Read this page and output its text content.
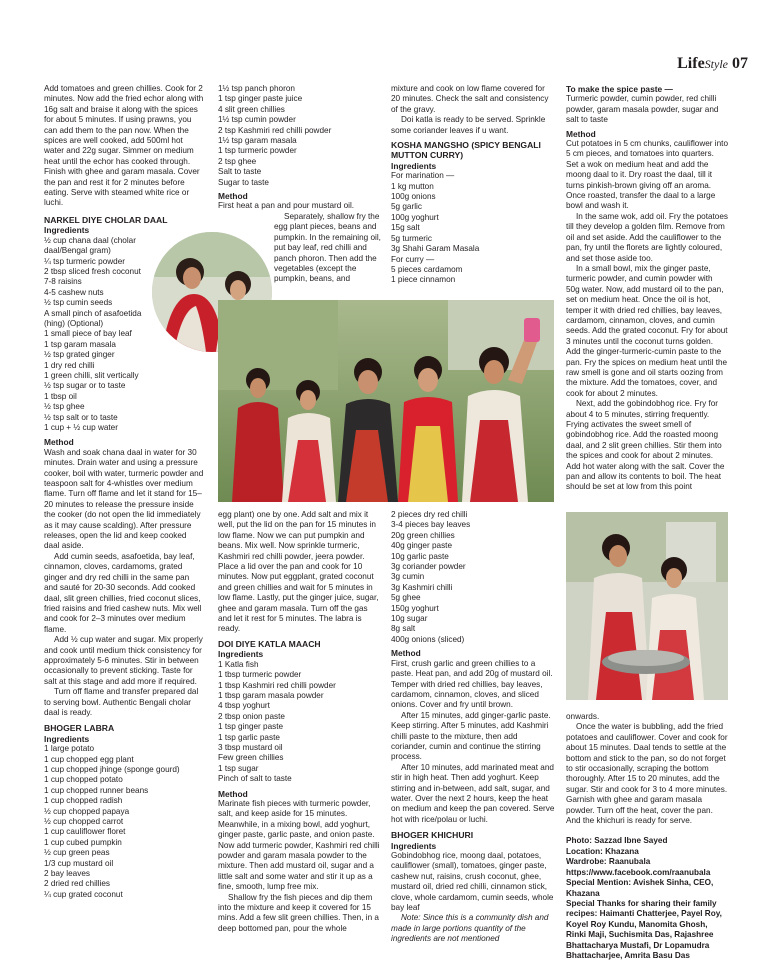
LifeStyle 07

Add tomatoes and green chillies. Cook for 2 minutes. Now add the fried echor along with 16g salt and braise it along with the spices for about 5 minutes. If using prawns, you can add them to the pan now. When the spices are well cooked, add 500ml hot water and 22g sugar. Simmer on medium heat until the echor has cooked through. Finish with ghee and garam masala. Cover the pan and rest it for 2 minutes before eating. Serve with steamed white rice or luchi.

NARKEL DIYE CHOLAR DAAL

Ingredients

½ cup chana daal (cholar daal/Bengal gram)

¼ tsp turmeric powder

2 tbsp sliced fresh coconut

7-8 raisins

4-5 cashew nuts

½ tsp cumin seeds

A small pinch of asafoetida (hing) (Optional)

1 small piece of bay leaf

1 tsp garam masala

½ tsp grated ginger

1 dry red chilli

1 green chilli, slit vertically

½ tsp sugar or to taste

1 tbsp oil

½ tsp ghee

½ tsp salt or to taste

1 cup + ½ cup water

Method

Wash and soak chana daal in water for 30 minutes. Drain water and using a pressure cooker, boil with water, turmeric powder and teaspoon salt for 4-whistles over medium flame. Turn off flame and let it stand for 15–20 minutes to release the pressure inside the cooker (do not open the lid immediately as it may cause scalding). After pressure releases, open the lid and keep cooked daal aside.

Add cumin seeds, asafoetida, bay leaf, cinnamon, cloves, cardamoms, grated ginger and dry red chilli in the same pan and sauté for 20-30 seconds. Add cooked daal, slit green chillies, fried coconut slices, fried raisins and fried cashew nuts. Mix well and cook for 2–3 minutes over medium flame.

Add ½ cup water and sugar. Mix properly and cook until medium thick consistency for approximately 5-6 minutes. Stir in between occasionally to prevent sticking. Taste for salt at this stage and add more if required.

Turn off flame and transfer prepared dal to serving bowl. Authentic Bengali cholar daal is ready.

BHOGER LABRA

Ingredients

1 large potato

1 cup chopped egg plant

1 cup chopped jhinge (sponge gourd)

1 cup chopped potato

1 cup chopped runner beans

1 cup chopped radish

½ cup chopped papaya

½ cup chopped carrot

1 cup cauliflower floret

1 cup cubed pumpkin

½ cup green peas

1/3 cup mustard oil

2 bay leaves

2 dried red chillies

¼ cup grated coconut

1½ tsp panch phoron

1 tsp ginger paste juice

4 slit green chillies

1½ tsp cumin powder

2 tsp Kashmiri red chilli powder

1½ tsp garam masala

1 tsp turmeric powder

2 tsp ghee

Salt to taste

Sugar to taste

Method

First heat a pan and pour mustard oil.

Separately, shallow fry the egg plant pieces, beans and pumpkin. In the remaining oil, put bay leaf, red chilli and panch phoron. Then add the vegetables (except the pumpkin, beans, and

egg plant) one by one. Add salt and mix it well, put the lid on the pan for 15 minutes in low flame. Now we can put pumpkin and beans. Mix well. Now sprinkle turmeric, Kashmiri red chilli powder, jeera powder. Place a lid over the pan and cook for 10 minutes. Now put eggplant, grated coconut and green chillies and wait for 5 minutes in low flame. Lastly, put the ginger juice, sugar, ghee and garam masala. Turn off the gas and let it rest for 5 minutes. The labra is ready.

DOI DIYE KATLA MAACH

Ingredients

1 Katla fish

1 tbsp turmeric powder

1 tbsp Kashmiri red chilli powder

1 tbsp garam masala powder

4 tbsp yoghurt

2 tbsp onion paste

1 tsp ginger paste

1 tsp garlic paste

3 tbsp mustard oil

Few green chillies

1 tsp sugar

Pinch of salt to taste

Method

Marinate fish pieces with turmeric powder, salt, and keep aside for 15 minutes. Meanwhile, in a mixing bowl, add yoghurt, ginger paste, garlic paste, and onion paste. Now add turmeric powder, Kashmiri red chilli powder and garam masala powder to the mixture. Then add mustard oil, sugar and a little salt and some water and stir it up as a fine, smooth, lump free mix.

Shallow fry the fish pieces and dip them into the mixture and keep it covered for 15 mins. Add a few slit green chillies. Then, in a deep bottomed pan, pour the whole

mixture and cook on low flame covered for 20 minutes. Check the salt and consistency of the gravy.

Doi katla is ready to be served. Sprinkle some coriander leaves if u want.

KOSHA MANGSHO (SPICY BENGALI MUTTON CURRY)

Ingredients

For marination —

1 kg mutton

100g onions

5g garlic

100g yoghurt

15g salt

5g turmeric

3g Shahi Garam Masala

For curry —

5 pieces cardamom

1 piece cinnamon

2 pieces dry red chilli

3-4 pieces bay leaves

20g green chillies

40g ginger paste

10g garlic paste

3g coriander powder

3g cumin

3g Kashmiri chilli

5g ghee

150g yoghurt

10g sugar

8g salt

400g onions (sliced)

Method

First, crush garlic and green chillies to a paste. Heat pan, and add 20g of mustard oil. Temper with dried red chillies, bay leaves, cardamom, cinnamon, cloves, and sliced onions. Cover and fry until brown.

After 15 minutes, add ginger-garlic paste. Keep stirring. After 5 minutes, add Kashmiri chilli paste to the mixture, then add coriander, cumin and continue the stirring process.

After 10 minutes, add marinated meat and stir in high heat. Then add yoghurt. Keep stirring and in-between, add salt, sugar, and water. Over the next 2 hours, keep the heat on medium and keep the pan covered. Serve hot with rice/polau or luchi.

BHOGER KHICHURI

Ingredients

Gobindobhog rice, moong daal, potatoes, cauliflower (small), tomatoes, ginger paste, cashew nut, raisins, crush coconut, ghee, mustard oil, dried red chilli, cinnamon stick, clove, whole cardamom, cumin seeds, whole bay leaf

Note: Since this is a community dish and made in large portions quantity of the ingredients are not mentioned

To make the spice paste —

Turmeric powder, cumin powder, red chilli powder, garam masala powder, sugar and salt to taste

Method

Cut potatoes in 5 cm chunks, cauliflower into 5 cm pieces, and tomatoes into quarters. Set a wok on medium heat and add the moong daal to it. Dry roast the daal, till it turns pinkish-brown giving off an aroma. Once roasted, transfer the daal to a large bowl and wash it.

In the same wok, add oil. Fry the potatoes till they develop a golden film. Remove from oil and set aside. Add the cauliflower to the pan, fry until the florets are lightly coloured, and set those aside too.

In a small bowl, mix the ginger paste, turmeric powder, and cumin powder with 50g water. Now, add mustard oil to the pan, set on medium heat. Once the oil is hot, temper it with dried red chillies, bay leaves, cardamom, cinnamon, cloves, and cumin seeds. Add the grated coconut. Fry for about 3 minutes until the coconut turns golden. Add the ginger-turmeric-cumin paste to the pan. Fry the spices on medium heat until the raw smell is gone and oil starts oozing from the mixture. Add the tomatoes, cover, and cook for about 2 minutes.

Next, add the gobindobhog rice. Fry for about 4 to 5 minutes, stirring frequently. Frying activates the sweet smell of gobindobhog rice. Add the roasted moong daal, and 2 slit green chillies. Stir them into the spices and cook for about 2 minutes. Add hot water along with the salt. Cover the pan and allow its contents to boil. The heat should be set at low from this point

onwards.

Once the water is bubbling, add the fried potatoes and cauliflower. Cover and cook for about 15 minutes. Daal tends to settle at the bottom and stick to the pan, so do not forget to stir occasionally, scraping the bottom thoroughly. After 15 to 20 minutes, add the sugar. Stir and cook for 3 to 4 more minutes. Garnish with ghee and garam masala powder. Turn off the heat, cover the pan. And the khichuri is ready for serve.

Photo: Sazzad Ibne Sayed

Location: Khazana

Wardrobe: Raanubala

https://www.facebook.com/raanubala

Special Mention: Avishek Sinha, CEO, Khazana

Special Thanks for sharing their family recipes: Haimanti Chatterjee, Payel Roy, Koyel Roy Kundu, Manomita Ghosh, Rinki Maji, Suchismita Das, Rajashree Bhattacharya Mustafi, Dr Lopamudra Bhattacharjee, Amrita Basu Das
